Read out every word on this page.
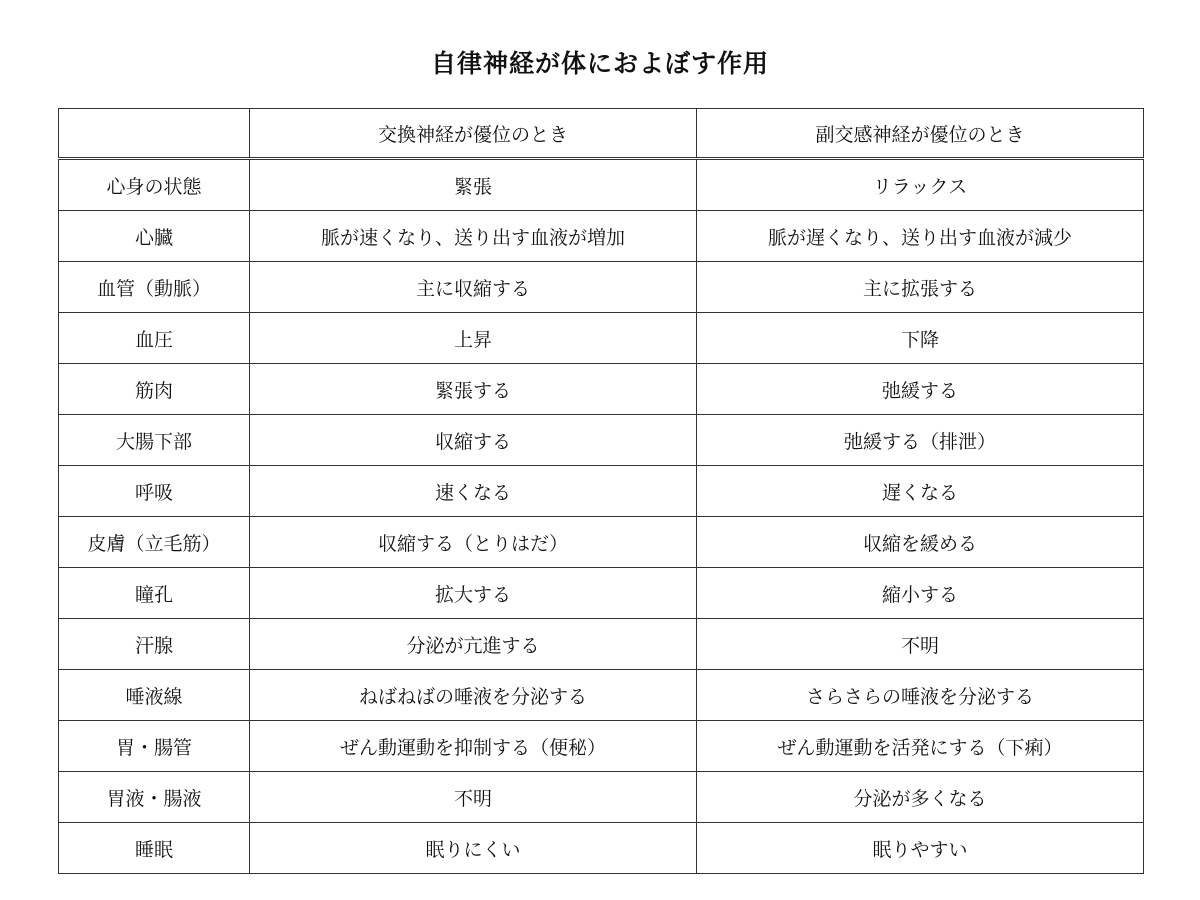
自律神経が体におよぼす作用
	交換神経が優位のとき	副交感神経が優位のとき
心身の状態	緊張	リラックス
心臓	脈が速くなり、送り出す血液が増加	脈が遅くなり、送り出す血液が減少
血管（動脈）	主に収縮する	主に拡張する
血圧	上昇	下降
筋肉	緊張する	弛緩する
大腸下部	収縮する	弛緩する（排泄）
呼吸	速くなる	遅くなる
皮膚（立毛筋）	収縮する（とりはだ）	収縮を緩める
瞳孔	拡大する	縮小する
汗腺	分泌が亢進する	不明
唾液線	ねばねばの唾液を分泌する	さらさらの唾液を分泌する
胃・腸管	ぜん動運動を抑制する（便秘）	ぜん動運動を活発にする（下痢）
胃液・腸液	不明	分泌が多くなる
睡眠	眠りにくい	眠りやすい
